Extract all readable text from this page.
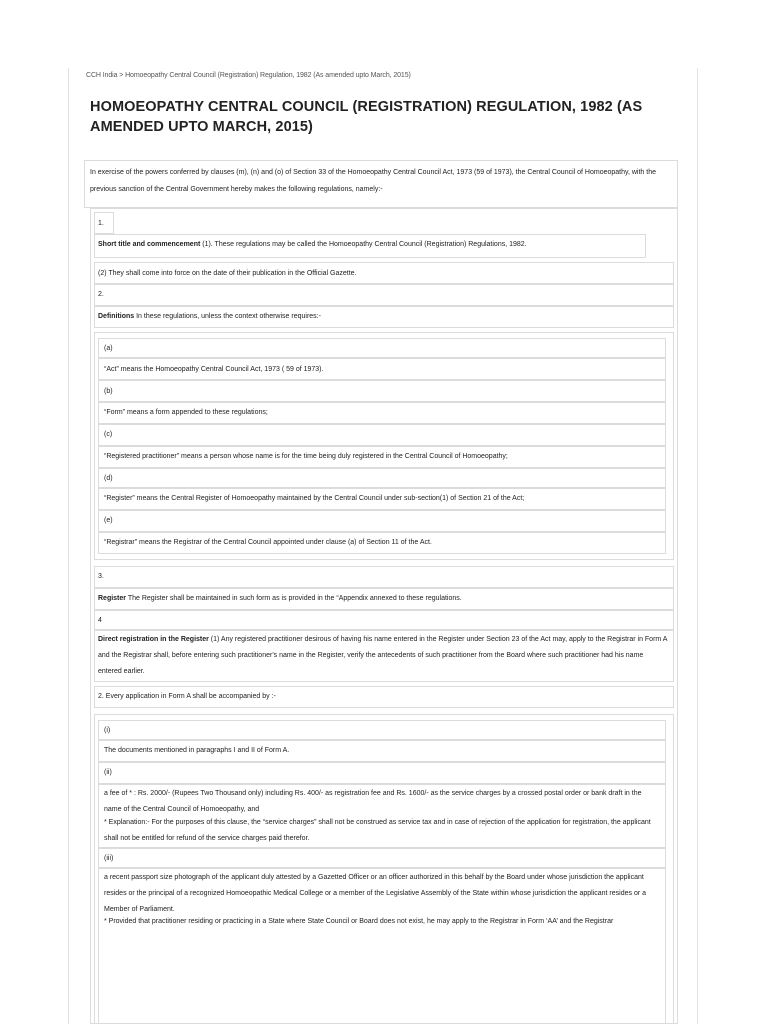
CCH India > Homoeopathy Central Council (Registration) Regulation, 1982 (As amended upto March, 2015)
HOMOEOPATHY CENTRAL COUNCIL (REGISTRATION) REGULATION, 1982 (AS AMENDED UPTO MARCH, 2015)
In exercise of the powers conferred by clauses (m), (n) and (o) of Section 33 of the Homoeopathy Central Council Act, 1973 (59 of 1973), the Central Council of Homoeopathy, with the previous sanction of the Central Government hereby makes the following regulations, namely:-
1.
Short title and commencement (1). These regulations may be called the Homoeopathy Central Council (Registration) Regulations, 1982.
(2) They shall come into force on the date of their publication in the Official Gazette.
2.
Definitions In these regulations, unless the context otherwise requires:-
(a)
“Act” means the Homoeopathy Central Council Act, 1973 ( 59 of 1973).
(b)
“Form” means a form appended to these regulations;
(c)
“Registered practitioner” means a person whose name is for the time being duly registered in the Central Council of Homoeopathy;
(d)
“Register” means the Central Register of Homoeopathy maintained by the Central Council under sub-section(1) of Section 21 of the Act;
(e)
“Registrar” means the Registrar of the Central Council appointed under clause (a) of Section 11 of the Act.
3.
Register The Register shall be maintained in such form as is provided in the “Appendix annexed to these regulations.
4
Direct registration in the Register (1) Any registered practitioner desirous of having his name entered in the Register under Section 23 of the Act may, apply to the Registrar in Form A and the Registrar shall, before entering such practitioner's name in the Register, verify the antecedents of such practitioner from the Board where such practitioner had his name entered earlier.
2. Every application in Form A shall be accompanied by :-
(i)
The documents mentioned in paragraphs I and II of Form A.
(ii)
a fee of * : Rs. 2000/- (Rupees Two Thousand only) including Rs. 400/- as registration fee and Rs. 1600/- as the service charges by a crossed postal order or bank draft in the name of the Central Council of Homoeopathy, and
* Explanation:- For the purposes of this clause, the “service charges” shall not be construed as service tax and in case of rejection of the application for registration, the applicant shall not be entitled for refund of the service charges paid therefor.
(iii)
a recent passport size photograph of the applicant duly attested by a Gazetted Officer or an officer authorized in this behalf by the Board under whose jurisdiction the applicant resides or the principal of a recognized Homoeopathic Medical College or a member of the Legislative Assembly of the State within whose jurisdiction the applicant resides or a Member of Parliament.
* Provided that practitioner residing or practicing in a State where State Council or Board does not exist, he may apply to the Registrar in Form ‘AA’ and the Registrar
